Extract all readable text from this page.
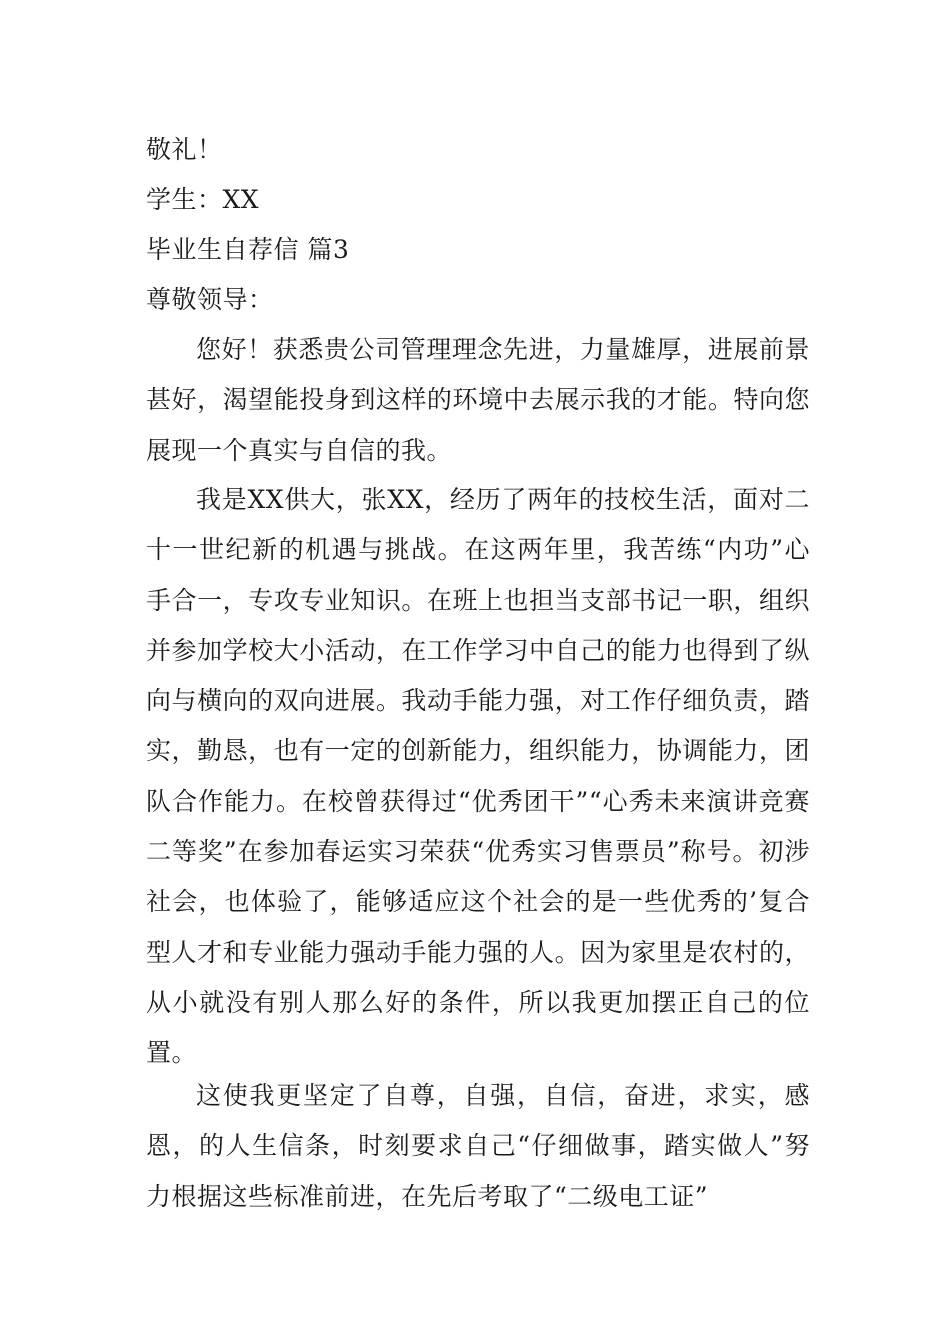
敬礼！
学生：XX
毕业生自荐信 篇3
尊敬领导：

您好！获悉贵公司管理理念先进，力量雄厚，进展前景甚好，渴望能投身到这样的环境中去展示我的才能。特向您展现一个真实与自信的我。

我是XX供大，张XX，经历了两年的技校生活，面对二十一世纪新的机遇与挑战。在这两年里，我苦练“内功”心手合一，专攻专业知识。在班上也担当支部书记一职，组织并参加学校大小活动，在工作学习中自己的能力也得到了纵向与横向的双向进展。我动手能力强，对工作仔细负责，踏实，勤恳，也有一定的创新能力，组织能力，协调能力，团队合作能力。在校曾获得过“优秀团干”“心秀未来演讲竞赛二等奖”在参加春运实习荣获“优秀实习售票员”称号。初涉社会，也体验了，能够适应这个社会的是一些优秀的’复合型人才和专业能力强动手能力强的人。因为家里是农村的，从小就没有别人那么好的条件，所以我更加摆正自己的位置。

这使我更坚定了自尊，自强，自信，奋进，求实，感恩，的人生信条，时刻要求自己“仔细做事，踏实做人”努力根据这些标准前进，在先后考取了“二级电工证”
